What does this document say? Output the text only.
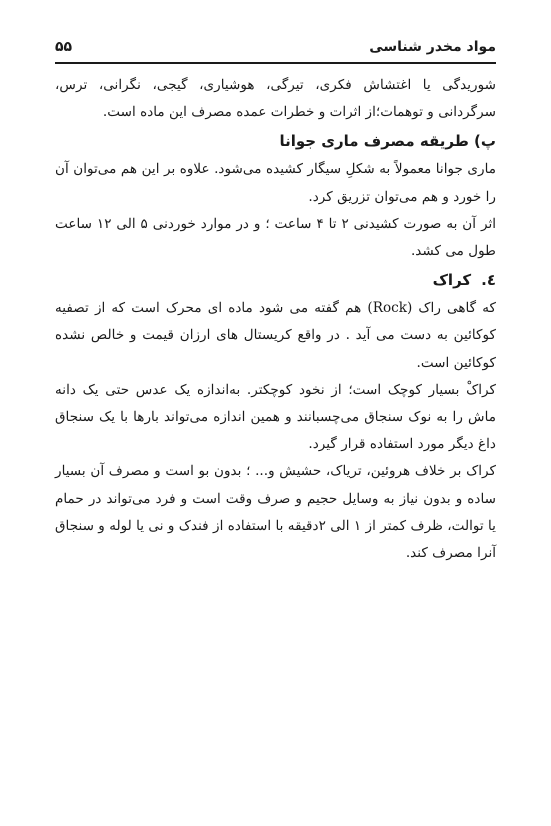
مواد مخدر شناسی
۵۵

شوریدگی یا اغتشاش فکری، تیرگی، هوشیاری، گیجی، نگرانی، ترس، سرگردانی و توهمات؛از اثرات و خطرات عمده مصرف این ماده است.

پ) طریقه مصرف ماری جوانا

ماری جوانا معمولاً به شکلِ سیگار کشیده می‌شود. علاوه بر این هم می‌توان آن را خورد و هم می‌توان تزریق کرد.

اثر آن به صورت کشیدنی ۲ تا ۴ ساعت ؛ و در موارد خوردنی ۵ الی ۱۲ ساعت طول می کشد.

٤.کراک

که گاهی راک (Rock) هم گفته می شود ماده ای محرک است که از تصفیه کوکائین به دست می آید . در واقع کریستال های ارزان قیمت و خالص نشده کوکائین است.

کراکْ بسیار کوچک است؛ از نخود کوچکتر. به‌اندازه یک عدس حتی یک دانه ماش را به نوک سنجاق می‌چسبانند و همین اندازه می‌تواند بارها با یک سنجاق داغ دیگر مورد استفاده قرار گیرد.

کراک بر خلاف هروئین، تریاک، حشیش و... ؛ بدون بو است و مصرف آن بسیار ساده و بدون نیاز به وسایل حجیم و صرف وقت است و فرد می‌تواند در حمام یا توالت، ظرف کمتر از ۱ الی ۲دقیقه با استفاده از فندک و نی یا لوله و سنجاق آنرا مصرف کند.
